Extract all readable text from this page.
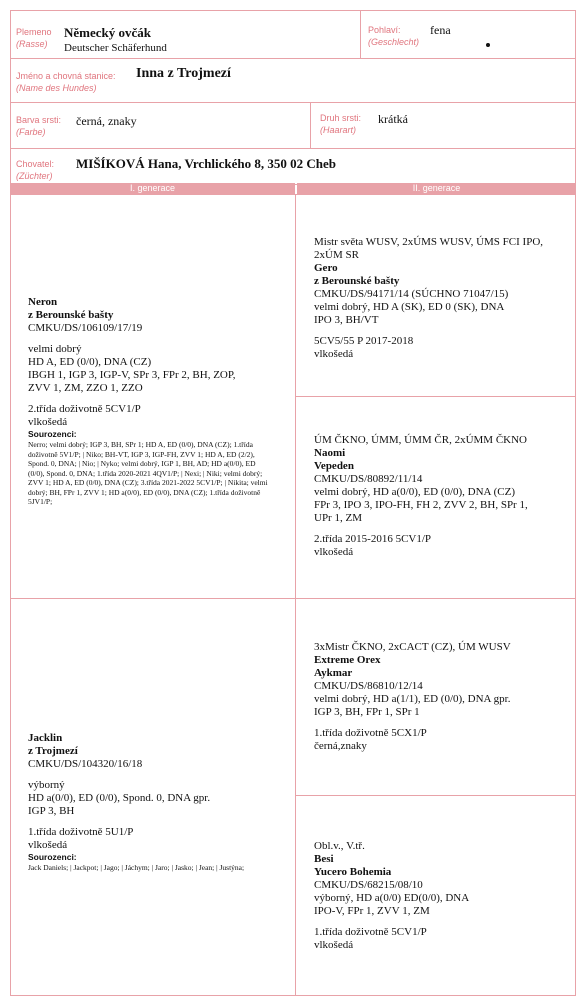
Plemeno
(Rasse)
Německý ovčák
Deutscher Schäferhund
Pohlaví:
(Geschlecht)
fena
Jméno a chovná stanice:
(Name des Hundes)
Inna z Trojmezí
Barva srsti:
(Farbe)
černá, znaky	Druh srsti:
(Haarart)
krátká
Chovatel:
(Züchter)
MIŠÍKOVÁ Hana, Vrchlického 8, 350 02 Cheb
I. generace	II. generace
Neron
z Berounské bašty
CMKU/DS/106109/17/19
velmi dobrý
HD A, ED (0/0), DNA (CZ)
IBGH 1, IGP 3, IGP-V, SPr 3, FPr 2, BH, ZOP,
ZVV 1, ZM, ZZO 1, ZZO
2.třída doživotně 5CV1/P
vlkošedá
Sourozenci:
Nerro; velmi dobrý; IGP 3, BH, SPr 1; HD A, ED (0/0), DNA (CZ); 1.třída doživotně 5V1/P; | Niko; BH-VT, IGP 3, IGP-FH, ZVV 1; HD A, ED (2/2), Spond. 0, DNA; | Nio; | Nyko; velmi dobrý, IGP 1, BH, AD; HD a(0/0), ED (0/0), Spond. 0, DNA; 1.třída 2020-2021 4QV1/P; | Nexi; | Niki; velmi dobrý; ZVV 1; HD A, ED (0/0), DNA (CZ); 3.třída 2021-2022 5CV1/P; | Nikita; velmi dobrý; BH, FPr 1, ZVV 1; HD a(0/0), ED (0/0), DNA (CZ); 1.třída doživotně 5JV1/P;
Jacklin
z Trojmezí
CMKU/DS/104320/16/18
výborný
HD a(0/0), ED (0/0), Spond. 0, DNA gpr.
IGP 3, BH
1.třída doživotně 5U1/P
vlkošedá
Sourozenci:
Jack Daniels; | Jackpot; | Jago; | Jáchym; | Jaro; | Jasko; | Jean; | Justýna;
Mistr světa WUSV, 2xÚMS WUSV, ÚMS FCI IPO,
2xÚM SR
Gero
z Berounské bašty
CMKU/DS/94171/14 (SÚCHNO 71047/15)
velmi dobrý, HD A (SK), ED 0 (SK), DNA
IPO 3, BH/VT
5CV5/55 P 2017-2018
vlkošedá
ÚM ČKNO, ÚMM, ÚMM ČR, 2xÚMM ČKNO
Naomi
Vepeden
CMKU/DS/80892/11/14
velmi dobrý, HD a(0/0), ED (0/0), DNA (CZ)
FPr 3, IPO 3, IPO-FH, FH 2, ZVV 2, BH, SPr 1,
UPr 1, ZM
2.třída 2015-2016 5CV1/P
vlkošedá
3xMistr ČKNO, 2xCACT (CZ), ÚM WUSV
Extreme Orex
Aykmar
CMKU/DS/86810/12/14
velmi dobrý, HD a(1/1), ED (0/0), DNA gpr.
IGP 3, BH, FPr 1, SPr 1
1.třída doživotně 5CX1/P
černá,znaky
Obl.v., V.tř.
Besi
Yucero Bohemia
CMKU/DS/68215/08/10
výborný, HD a(0/0) ED(0/0), DNA
IPO-V, FPr 1, ZVV 1, ZM
1.třída doživotně 5CV1/P
vlkošedá
